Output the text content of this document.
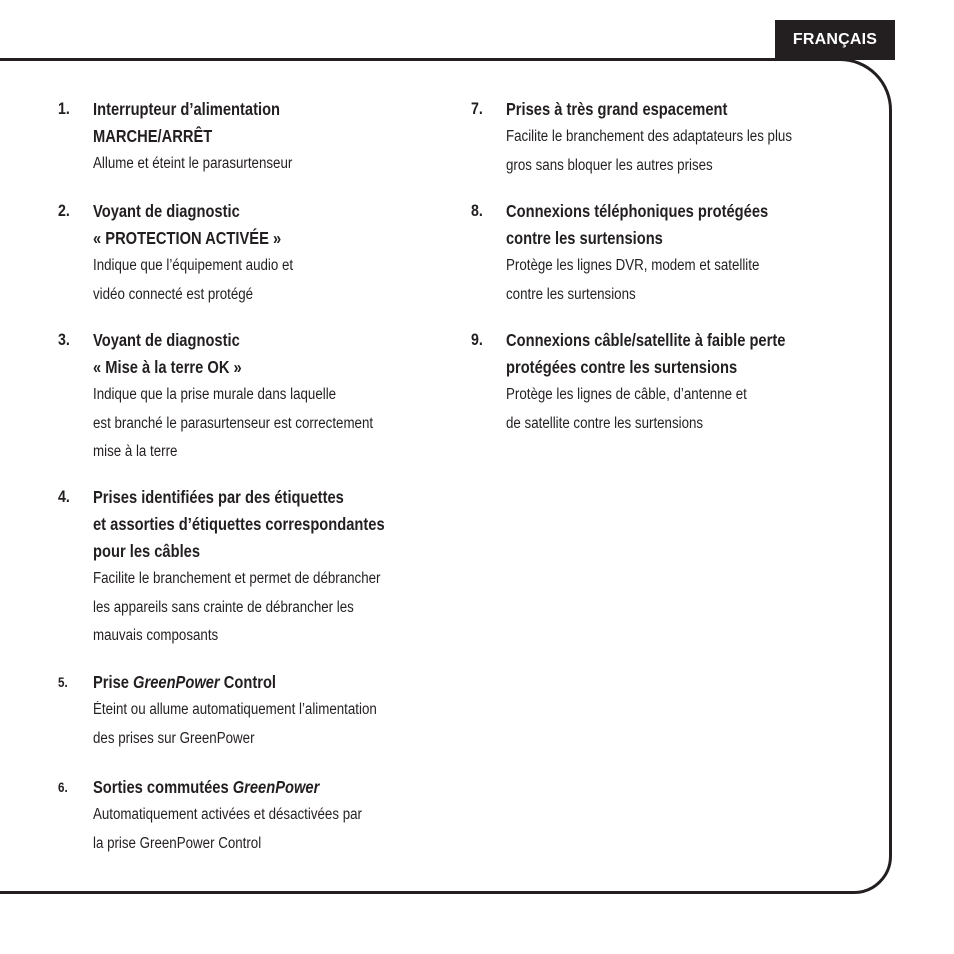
FRANÇAIS
1. Interrupteur d’alimentation
MARCHE/ARRÊT
Allume et éteint le parasurtenseur
2. Voyant de diagnostic
« PROTECTION ACTIVÉE »
Indique que l’équipement audio et
vidéo connecté est protégé
3. Voyant de diagnostic
« Mise à la terre OK »
Indique que la prise murale dans laquelle
est branché le parasurtenseur est correctement
mise à la terre
4. Prises identifiées par des étiquettes
et assorties d’étiquettes correspondantes
pour les câbles
Facilite le branchement et permet de débrancher
les appareils sans crainte de débrancher les
mauvais composants
5. Prise GreenPower Control
Éteint ou allume automatiquement l’alimentation
des prises sur GreenPower
6. Sorties commutées GreenPower
Automatiquement activées et désactivées par
la prise GreenPower Control
7. Prises à très grand espacement
Facilite le branchement des adaptateurs les plus
gros sans bloquer les autres prises
8. Connexions téléphoniques protégées
contre les surtensions
Protège les lignes DVR, modem et satellite
contre les surtensions
9. Connexions câble/satellite à faible perte
protégées contre les surtensions
Protège les lignes de câble, d’antenne et
de satellite contre les surtensions
